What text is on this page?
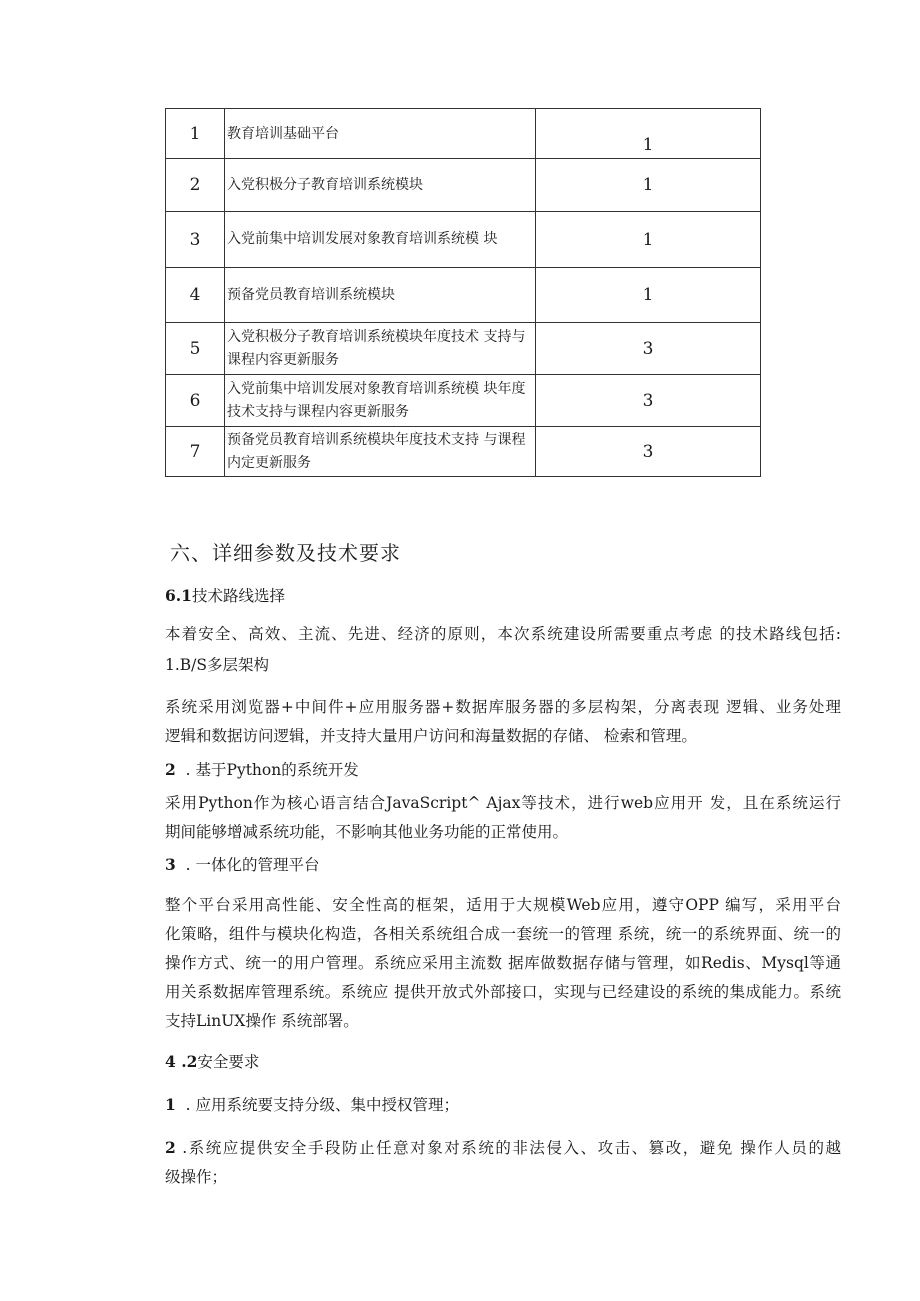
1	教育培训基础平台	1
2	入党积极分子教育培训系统模块	1
3	入党前集中培训发展对象教育培训系统模 块	1
4	预备党员教育培训系统模块	1
5	入党积极分子教育培训系统模块年度技术 支持与课程内容更新服务	3
6	入党前集中培训发展对象教育培训系统模 块年度技术支持与课程内容更新服务	3
7	预备党员教育培训系统模块年度技术支持 与课程内定更新服务	3
六、详细参数及技术要求
6.1技术路线选择
本着安全、高效、主流、先进、经济的原则，本次系统建设所需要重点考虑 的技术路线包括:
1.B/S多层架构
系统采用浏览器+中间件+应用服务器+数据库服务器的多层构架，分离表现 逻辑、业务处理
逻辑和数据访问逻辑，并支持大量用户访问和海量数据的存储、 检索和管理。
2 . 基于Python的系统开发
采用Python作为核心语言结合JavaScript^ Ajax等技术，进行web应用开 发，且在系统运行
期间能够增减系统功能，不影响其他业务功能的正常使用。
3 . 一体化的管理平台
整个平台采用高性能、安全性高的框架，适用于大规模Web应用，遵守OPP 编写，采用平台
化策略，组件与模块化构造，各相关系统组合成一套统一的管理 系统，统一的系统界面、统一的
操作方式、统一的用户管理。系统应采用主流数 据库做数据存储与管理，如Redis、Mysql等通
用关系数据库管理系统。系统应 提供开放式外部接口，实现与已经建设的系统的集成能力。系统
支持LinUX操作 系统部署。
4 .2安全要求
1 . 应用系统要支持分级、集中授权管理；
2 .系统应提供安全手段防止任意对象对系统的非法侵入、攻击、篡改，避免 操作人员的越
级操作；
